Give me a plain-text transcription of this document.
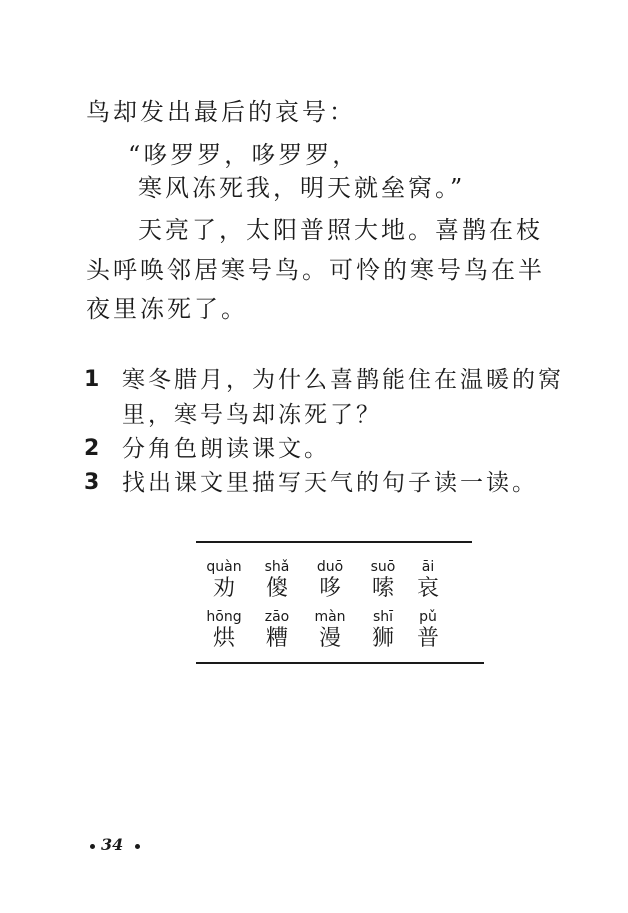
鸟却发出最后的哀号：
“哆罗罗，哆罗罗，
寒风冻死我，明天就垒窝。”
天亮了，太阳普照大地。喜鹊在枝
头呼唤邻居寒号鸟。可怜的寒号鸟在半
夜里冻死了。
1 寒冬腊月，为什么喜鹊能住在温暖的窝
里，寒号鸟却冻死了？
2 分角色朗读课文。
3 找出课文里描写天气的句子读一读。
quàn
劝
shǎ
傻
duō
哆
suō
嗦
āi
哀
hōng
烘
zāo
糟
màn
漫
shī
狮
pǔ
普
34
